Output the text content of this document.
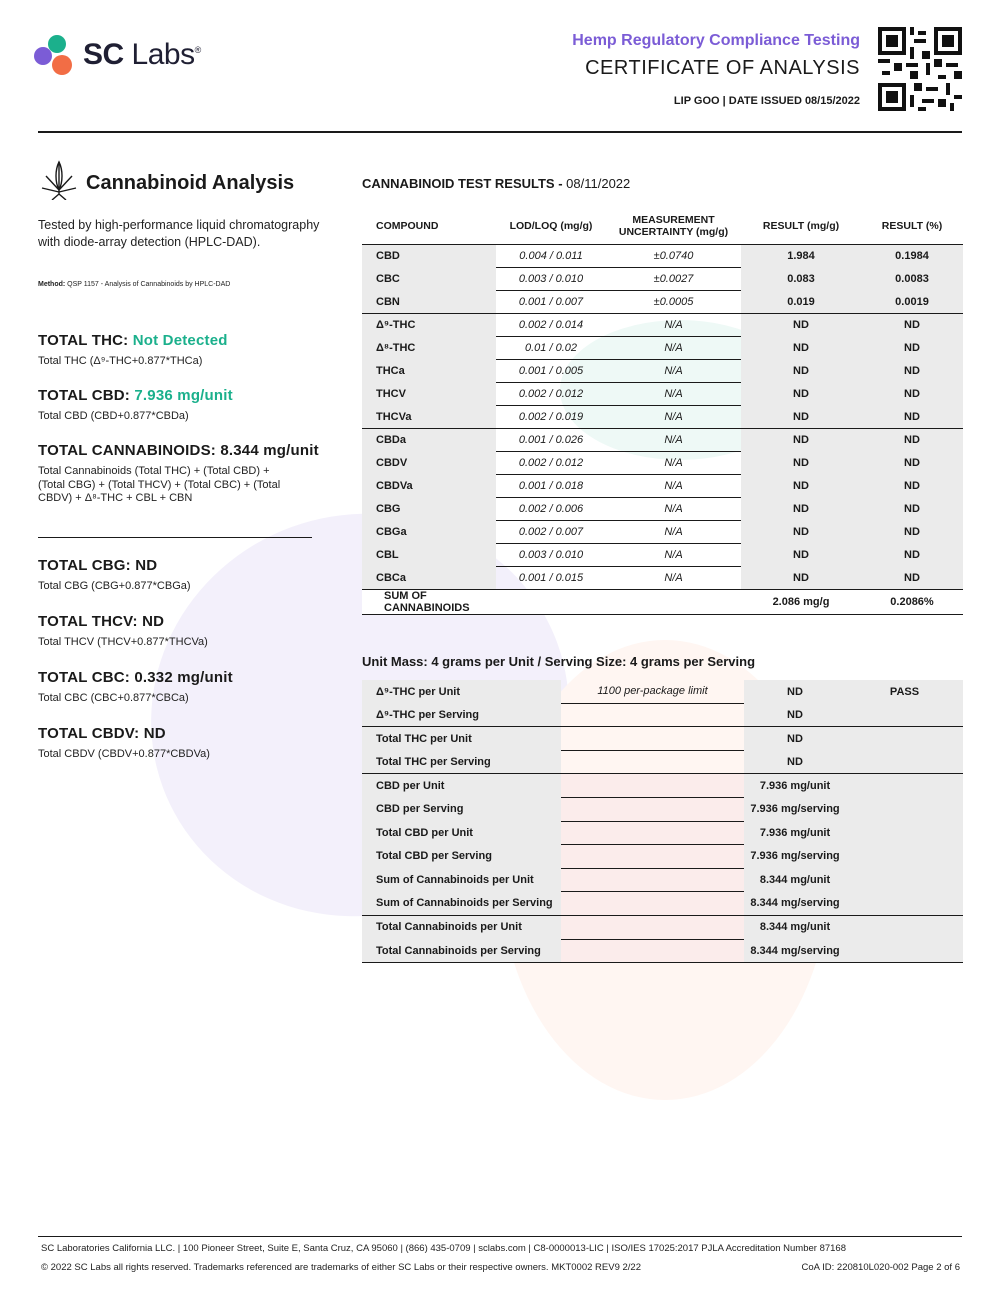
SC Labs®
Hemp Regulatory Compliance Testing
CERTIFICATE OF ANALYSIS
LIP GOO | DATE ISSUED 08/15/2022
Cannabinoid Analysis
Tested by high-performance liquid chromatography with diode-array detection (HPLC-DAD).
Method: QSP 1157 - Analysis of Cannabinoids by HPLC-DAD
TOTAL THC: Not Detected
Total THC (Δ⁹-THC+0.877*THCa)
TOTAL CBD: 7.936 mg/unit
Total CBD (CBD+0.877*CBDa)
TOTAL CANNABINOIDS: 8.344 mg/unit
Total Cannabinoids (Total THC) + (Total CBD) + (Total CBG) + (Total THCV) + (Total CBC) + (Total CBDV) + Δ⁸-THC + CBL + CBN
TOTAL CBG: ND
Total CBG (CBG+0.877*CBGa)
TOTAL THCV: ND
Total THCV (THCV+0.877*THCVa)
TOTAL CBC: 0.332 mg/unit
Total CBC (CBC+0.877*CBCa)
TOTAL CBDV: ND
Total CBDV (CBDV+0.877*CBDVa)
CANNABINOID TEST RESULTS - 08/11/2022
COMPOUND	LOD/LOQ (mg/g)	MEASUREMENT UNCERTAINTY (mg/g)	RESULT (mg/g)	RESULT (%)
CBD	0.004 / 0.011	±0.0740	1.984	0.1984
CBC	0.003 / 0.010	±0.0027	0.083	0.0083
CBN	0.001 / 0.007	±0.0005	0.019	0.0019
Δ⁹-THC	0.002 / 0.014	N/A	ND	ND
Δ⁸-THC	0.01 / 0.02	N/A	ND	ND
THCa	0.001 / 0.005	N/A	ND	ND
THCV	0.002 / 0.012	N/A	ND	ND
THCVa	0.002 / 0.019	N/A	ND	ND
CBDa	0.001 / 0.026	N/A	ND	ND
CBDV	0.002 / 0.012	N/A	ND	ND
CBDVa	0.001 / 0.018	N/A	ND	ND
CBG	0.002 / 0.006	N/A	ND	ND
CBGa	0.002 / 0.007	N/A	ND	ND
CBL	0.003 / 0.010	N/A	ND	ND
CBCa	0.001 / 0.015	N/A	ND	ND
SUM OF CANNABINOIDS			2.086 mg/g	0.2086%
Unit Mass: 4 grams per Unit / Serving Size: 4 grams per Serving
Δ⁹-THC per Unit	1100 per-package limit	ND	PASS
Δ⁹-THC per Serving		ND	
Total THC per Unit		ND	
Total THC per Serving		ND	
CBD per Unit		7.936 mg/unit	
CBD per Serving		7.936 mg/serving	
Total CBD per Unit		7.936 mg/unit	
Total CBD per Serving		7.936 mg/serving	
Sum of Cannabinoids per Unit		8.344 mg/unit	
Sum of Cannabinoids per Serving		8.344 mg/serving	
Total Cannabinoids per Unit		8.344 mg/unit	
Total Cannabinoids per Serving		8.344 mg/serving	
SC Laboratories California LLC. | 100 Pioneer Street, Suite E, Santa Cruz, CA 95060 | (866) 435-0709 | sclabs.com | C8-0000013-LIC | ISO/IES 17025:2017 PJLA Accreditation Number 87168
© 2022 SC Labs all rights reserved. Trademarks referenced are trademarks of either SC Labs or their respective owners. MKT0002 REV9 2/22	CoA ID: 220810L020-002 Page 2 of 6
